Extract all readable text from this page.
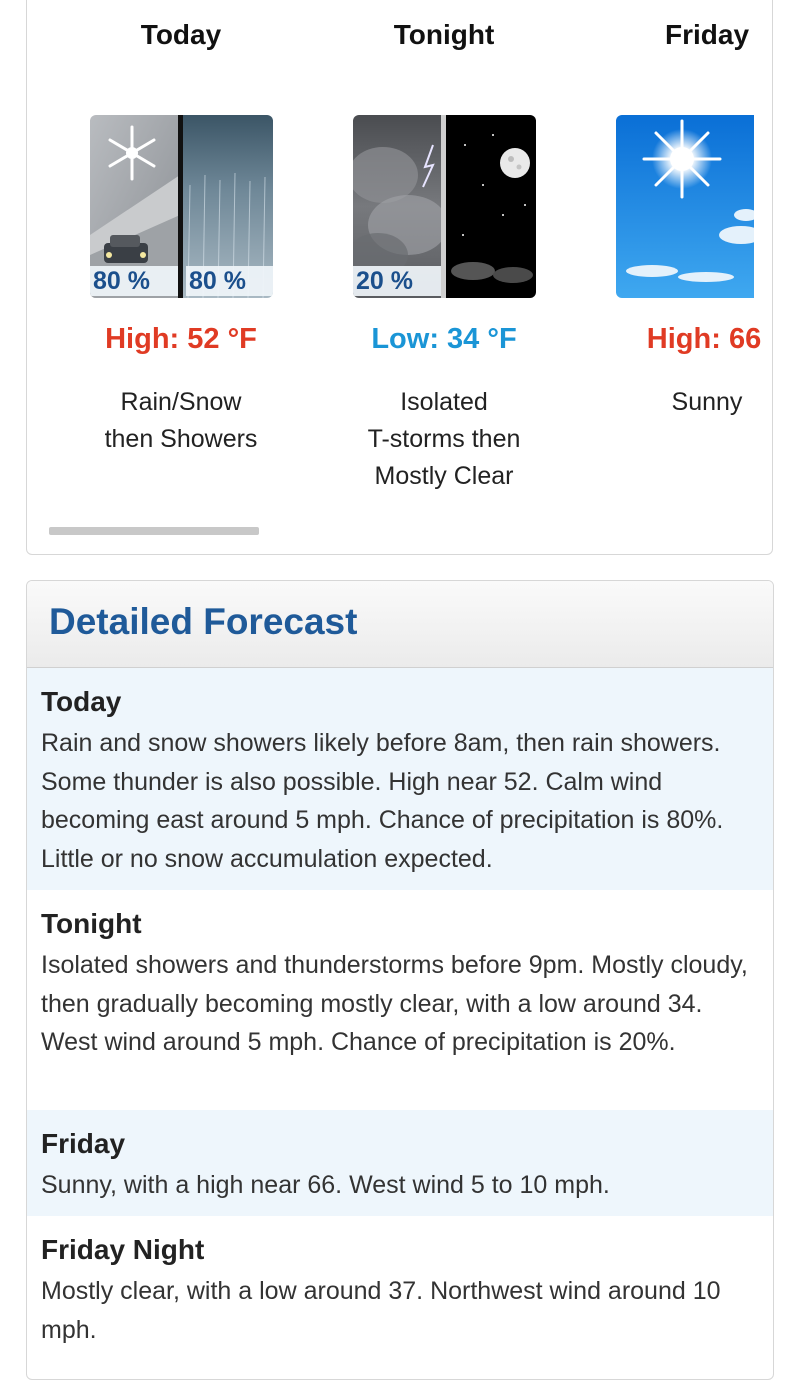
Today
80 %	80 %
High: 52 °F
Rain/Snow
then Showers
Tonight
20 %
Low: 34 °F
Isolated
T-storms then
Mostly Clear
Friday
High: 66
Sunny
Detailed Forecast
Today
Rain and snow showers likely before 8am, then rain showers. Some thunder is also possible. High near 52. Calm wind becoming east around 5 mph. Chance of precipitation is 80%. Little or no snow accumulation expected.
Tonight
Isolated showers and thunderstorms before 9pm. Mostly cloudy, then gradually becoming mostly clear, with a low around 34. West wind around 5 mph. Chance of precipitation is 20%.
Friday
Sunny, with a high near 66. West wind 5 to 10 mph.
Friday Night
Mostly clear, with a low around 37. Northwest wind around 10 mph.
